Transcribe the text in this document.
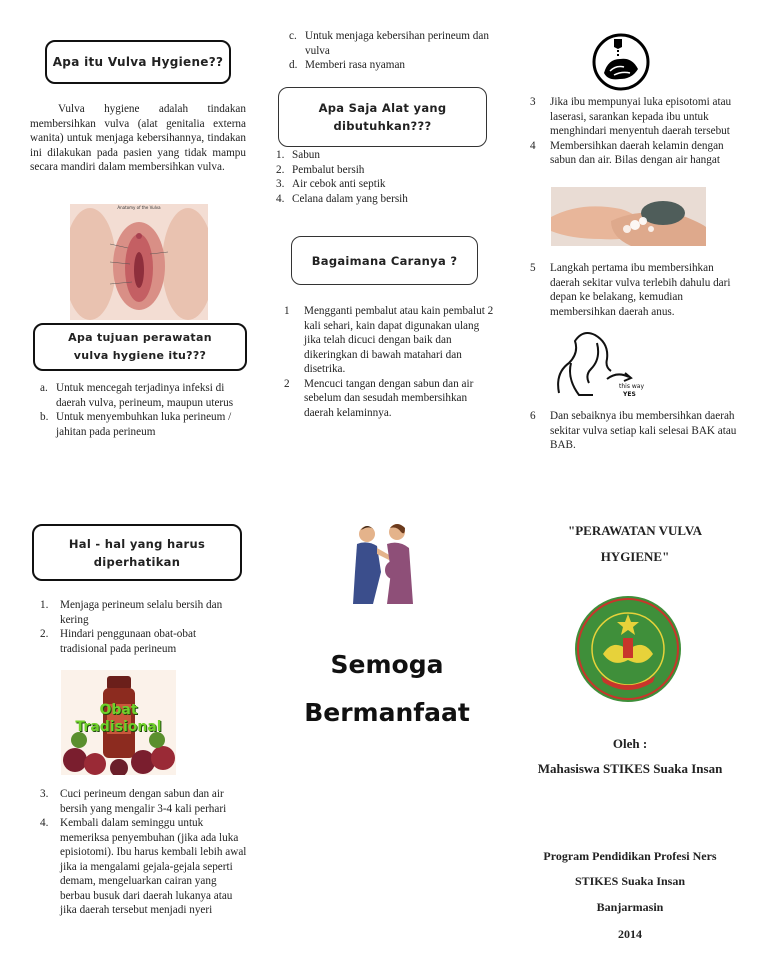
Apa itu Vulva Hygiene??
Vulva hygiene adalah tindakan membersihkan vulva (alat genitalia externa wanita) untuk menjaga kebersihannya, tindakan ini dilakukan pada pasien yang tidak mampu secara mandiri dalam membersihkan vulva.
Anatomy of the Vulva
Apa tujuan perawatan vulva hygiene itu???
a. Untuk mencegah terjadinya infeksi di daerah vulva, perineum, maupun uterus
b. Untuk menyembuhkan luka perineum / jahitan pada perineum
Hal - hal yang harus diperhatikan
1. Menjaga perineum selalu bersih dan kering
2. Hindari penggunaan obat-obat tradisional pada perineum
Obat Tradisional
3. Cuci perineum dengan sabun dan air bersih yang mengalir 3-4 kali perhari
4. Kembali dalam seminggu untuk memeriksa penyembuhan (jika ada luka episiotomi). Ibu harus kembali lebih awal jika ia mengalami gejala-gejala seperti demam, mengeluarkan cairan yang berbau busuk dari daerah lukanya atau jika daerah tersebut menjadi nyeri
c. Untuk menjaga kebersihan perineum dan vulva
d. Memberi rasa nyaman
Apa Saja Alat yang dibutuhkan???
1. Sabun
2. Pembalut bersih
3. Air cebok anti septik
4. Celana dalam yang bersih
Bagaimana Caranya ?
1 Mengganti pembalut atau kain pembalut 2 kali sehari, kain dapat digunakan ulang jika telah dicuci dengan baik dan dikeringkan di bawah matahari dan disetrika.
2 Mencuci tangan dengan sabun dan air sebelum dan sesudah membersihkan daerah kelaminnya.
Semoga
Bermanfaat
3 Jika ibu mempunyai luka episotomi atau laserasi, sarankan kepada ibu untuk menghindari menyentuh daerah tersebut
4 Membersihkan daerah kelamin dengan sabun dan air. Bilas dengan air hangat
5 Langkah pertama ibu membersihkan daerah sekitar vulva terlebih dahulu dari depan ke belakang, kemudian membersihkan daerah anus.
this way
YES
6 Dan sebaiknya ibu membersihkan daerah sekitar vulva setiap kali selesai BAK atau BAB.
"PERAWATAN VULVA
HYGIENE"
Oleh :
Mahasiswa STIKES Suaka Insan
Program Pendidikan Profesi Ners
STIKES Suaka Insan
Banjarmasin
2014
